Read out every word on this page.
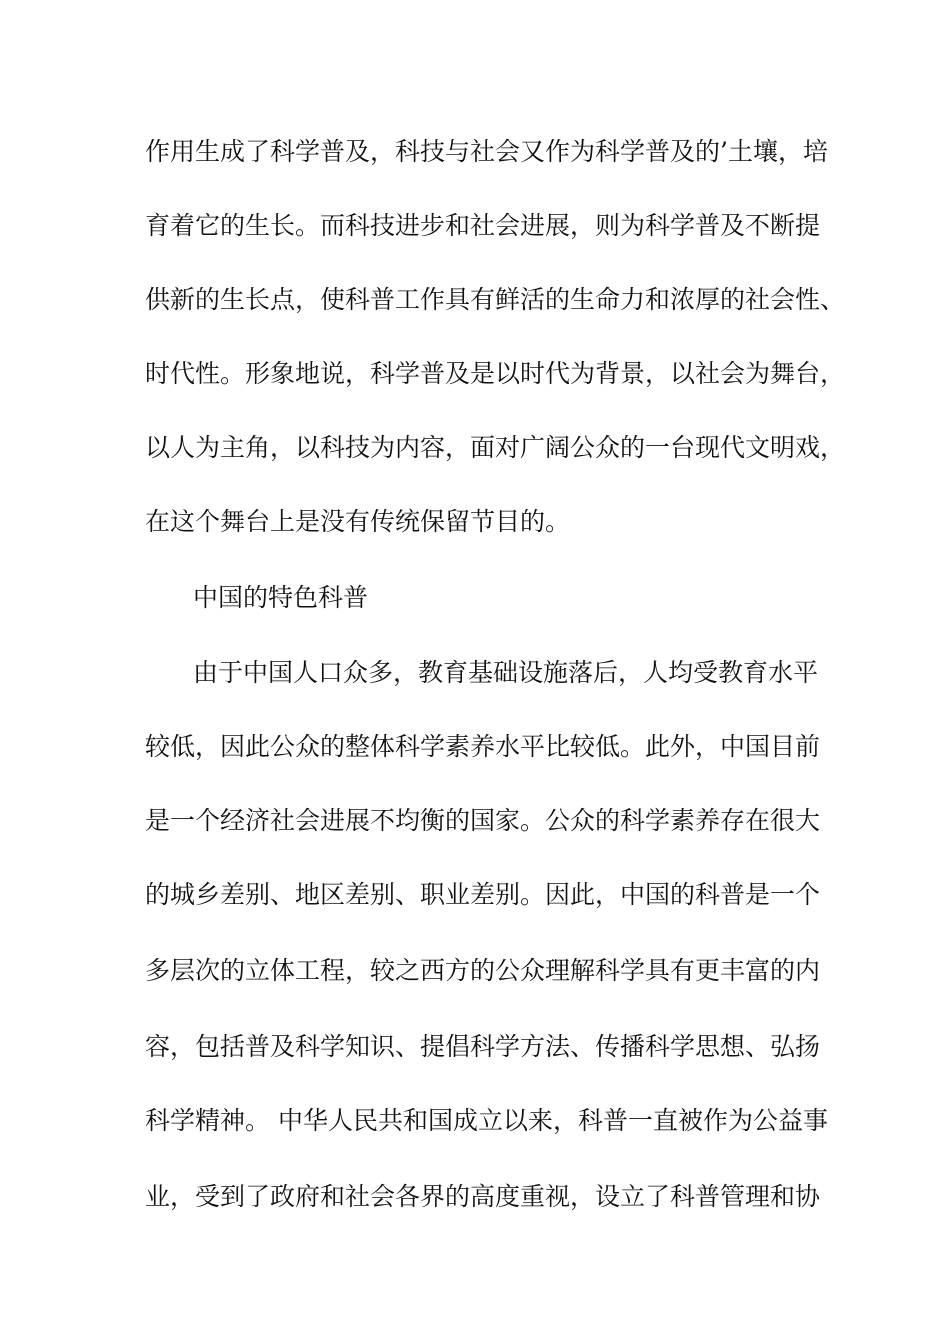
作用生成了科学普及，科技与社会又作为科学普及的’土壤，培

育着它的生长。而科技进步和社会进展，则为科学普及不断提

供新的生长点，使科普工作具有鲜活的生命力和浓厚的社会性、

时代性。形象地说，科学普及是以时代为背景，以社会为舞台，

以人为主角，以科技为内容，面对广阔公众的一台现代文明戏，

在这个舞台上是没有传统保留节目的。

中国的特色科普

由于中国人口众多，教育基础设施落后，人均受教育水平

较低，因此公众的整体科学素养水平比较低。此外，中国目前

是一个经济社会进展不均衡的国家。公众的科学素养存在很大

的城乡差别、地区差别、职业差别。因此，中国的科普是一个

多层次的立体工程，较之西方的公众理解科学具有更丰富的内

容，包括普及科学知识、提倡科学方法、传播科学思想、弘扬

科学精神。 中华人民共和国成立以来，科普一直被作为公益事

业，受到了政府和社会各界的高度重视，设立了科普管理和协
